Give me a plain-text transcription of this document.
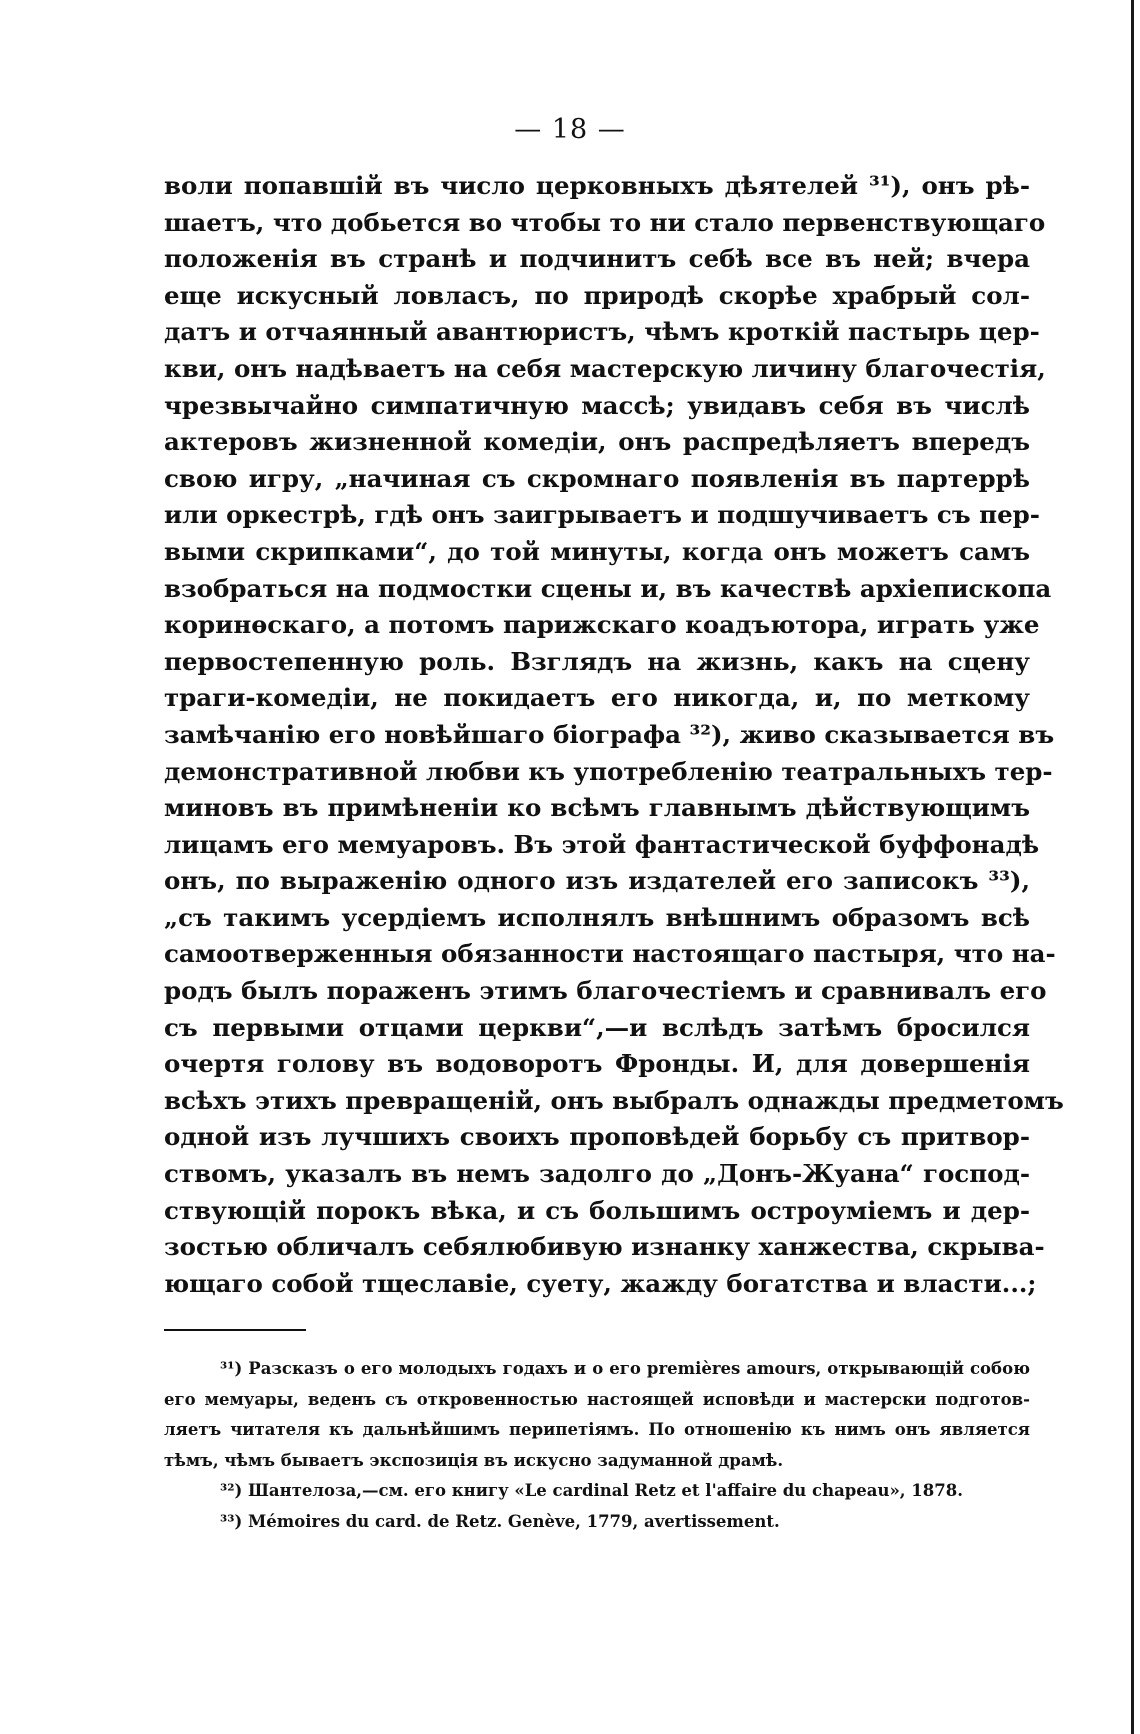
— 18 —
воли попавшій въ число церковныхъ дѣятелей ³¹), онъ рѣ-
шаетъ, что добьется во чтобы то ни стало первенствующаго
положенія въ странѣ и подчинитъ себѣ все въ ней; вчера
еще искусный ловласъ, по природѣ скорѣе храбрый сол-
датъ и отчаянный авантюристъ, чѣмъ кроткій пастырь цер-
кви, онъ надѣваетъ на себя мастерскую личину благочестія,
чрезвычайно симпатичную массѣ; увидавъ себя въ числѣ
актеровъ жизненной комедіи, онъ распредѣляетъ впередъ
свою игру, „начиная съ скромнаго появленія въ партеррѣ
или оркестрѣ, гдѣ онъ заигрываетъ и подшучиваетъ съ пер-
выми скрипками“, до той минуты, когда онъ можетъ самъ
взобраться на подмостки сцены и, въ качествѣ архіепископа
коринѳскаго, а потомъ парижскаго коадъютора, играть уже
первостепенную роль. Взглядъ на жизнь, какъ на сцену
траги-комедіи, не покидаетъ его никогда, и, по меткому
замѣчанію его новѣйшаго біографа ³²), живо сказывается въ
демонстративной любви къ употребленію театральныхъ тер-
миновъ въ примѣненіи ко всѣмъ главнымъ дѣйствующимъ
лицамъ его мемуаровъ. Въ этой фантастической буффонадѣ
онъ, по выраженію одного изъ издателей его записокъ ³³),
„съ такимъ усердіемъ исполнялъ внѣшнимъ образомъ всѣ
самоотверженныя обязанности настоящаго пастыря, что на-
родъ былъ пораженъ этимъ благочестіемъ и сравнивалъ его
съ первыми отцами церкви“,—и вслѣдъ затѣмъ бросился
очертя голову въ водоворотъ Фронды. И, для довершенія
всѣхъ этихъ превращеній, онъ выбралъ однажды предметомъ
одной изъ лучшихъ своихъ проповѣдей борьбу съ притвор-
ствомъ, указалъ въ немъ задолго до „Донъ-Жуана“ господ-
ствующій порокъ вѣка, и съ большимъ остроуміемъ и дер-
зостью обличалъ себялюбивую изнанку ханжества, скрыва-
ющаго собой тщеславіе, суету, жажду богатства и власти...;
³¹) Разсказъ о его молодыхъ годахъ и о его premières amours, открывающій собою
его мемуары, веденъ съ откровенностью настоящей исповѣди и мастерски подготов-
ляетъ читателя къ дальнѣйшимъ перипетіямъ. По отношенію къ нимъ онъ является
тѣмъ, чѣмъ бываетъ экспозиція въ искусно задуманной драмѣ.
³²) Шантелоза,—см. его книгу «Le cardinal Retz et l'affaire du chapeau», 1878.
³³) Mémoires du card. de Retz. Genève, 1779, avertissement.
